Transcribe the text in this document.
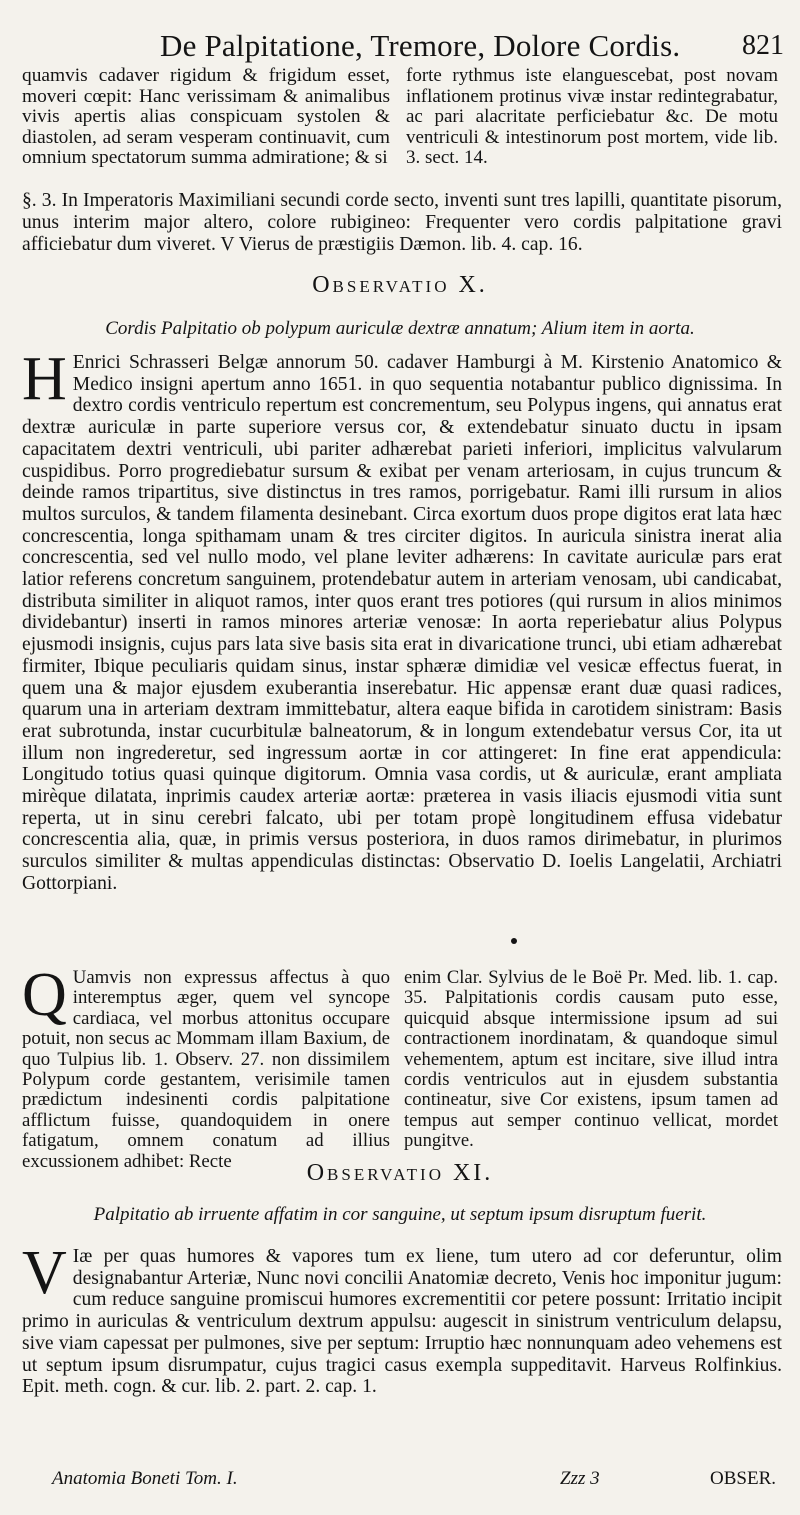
De Palpitatione, Tremore, Dolore Cordis. 821

quamvis cadaver rigidum & frigidum esset, moveri cœpit: Hanc verissimam & animalibus vivis apertis alias conspicuam systolen & diastolen, ad seram vesperam continuavit, cum omnium spectatorum summa admiratione; & si

forte rythmus iste elanguescebat, post novam inflationem protinus vivæ instar redintegrabatur, ac pari alacritate perficiebatur &c. De motu ventriculi & intestinorum post mortem, vide lib. 3. sect. 14.

§. 3. In Imperatoris Maximiliani secundi corde secto, inventi sunt tres lapilli, quantitate pisorum, unus interim major altero, colore rubigineo: Frequenter vero cordis palpitatione gravi afficiebatur dum viveret. V Vierus de præstigiis Dæmon. lib. 4. cap. 16.

Observatio X.
Cordis Palpitatio ob polypum auriculæ dextræ annatum; Alium item in aorta.
H Enrici Schrasseri Belgæ annorum 50. cadaver Hamburgi à M. Kirstenio Anatomico & Medico insigni apertum anno 1651. in quo sequentia notabantur publico dignissima. In dextro cordis ventriculo repertum est concrementum, seu Polypus ingens, qui annatus erat dextræ auriculæ in parte superiore versus cor, & extendebatur sinuato ductu in ipsam capacitatem dextri ventriculi, ubi pariter adhærebat parieti inferiori, implicitus valvularum cuspidibus. Porro progrediebatur sursum & exibat per venam arteriosam, in cujus truncum & deinde ramos tripartitus, sive distinctus in tres ramos, porrigebatur. Rami illi rursum in alios multos surculos, & tandem filamenta desinebant. Circa exortum duos prope digitos erat lata hæc concrescentia, longa spithamam unam & tres circiter digitos. In auricula sinistra inerat alia concrescentia, sed vel nullo modo, vel plane leviter adhærens: In cavitate auriculæ pars erat latior referens concretum sanguinem, protendebatur autem in arteriam venosam, ubi candicabat, distributa similiter in aliquot ramos, inter quos erant tres potiores (qui rursum in alios minimos dividebantur) inserti in ramos minores arteriæ venosæ: In aorta reperiebatur alius Polypus ejusmodi insignis, cujus pars lata sive basis sita erat in divaricatione trunci, ubi etiam adhærebat firmiter, Ibique peculiaris quidam sinus, instar sphæræ dimidiæ vel vesicæ effectus fuerat, in quem una & major ejusdem exuberantia inserebatur. Hic appensæ erant duæ quasi radices, quarum una in arteriam dextram immittebatur, altera eaque bifida in carotidem sinistram: Basis erat subrotunda, instar cucurbitulæ balneatorum, & in longum extendebatur versus Cor, ita ut illum non ingrederetur, sed ingressum aortæ in cor attingeret: In fine erat appendicula: Longitudo totius quasi quinque digitorum. Omnia vasa cordis, ut & auriculæ, erant ampliata mirèque dilatata, inprimis caudex arteriæ aortæ: præterea in vasis iliacis ejusmodi vitia sunt reperta, ut in sinu cerebri falcato, ubi per totam propè longitudinem effusa videbatur concrescentia alia, quæ, in primis versus posteriora, in duos ramos dirimebatur, in plurimos surculos similiter & multas appendiculas distinctas: Observatio D. Ioelis Langelatii, Archiatri Gottorpiani.

Q Uamvis non expressus affectus à quo interemptus æger, quem vel syncope cardiaca, vel morbus attonitus occupare potuit, non secus ac Mommam illam Baxium, de quo Tulpius lib. 1. Observ. 27. non dissimilem Polypum corde gestantem, verisimile tamen prædictum indesinenti cordis palpitatione afflictum fuisse, quandoquidem in onere fatigatum, omnem conatum ad illius excussionem adhibet: Recte

enim Clar. Sylvius de le Boë Pr. Med. lib. 1. cap. 35. Palpitationis cordis causam puto esse, quicquid absque intermissione ipsum ad sui contractionem inordinatam, & quandoque simul vehementem, aptum est incitare, sive illud intra cordis ventriculos aut in ejusdem substantia contineatur, sive Cor existens, ipsum tamen ad tempus aut semper continuo vellicat, mordet pungitve.

Observatio XI.
Palpitatio ab irruente affatim in cor sanguine, ut septum ipsum disruptum fuerit.
V Iæ per quas humores & vapores tum ex liene, tum utero ad cor deferuntur, olim designabantur Arteriæ, Nunc novi concilii Anatomiæ decreto, Venis hoc imponitur jugum: cum reduce sanguine promiscui humores excrementitii cor petere possunt: Irritatio incipit primo in auriculas & ventriculum dextrum appulsu: augescit in sinistrum ventriculum delapsu, sive viam capessat per pulmones, sive per septum: Irruptio hæc nonnunquam adeo vehemens est ut septum ipsum disrumpatur, cujus tragici casus exempla suppeditavit. Harveus Rolfinkius. Epit. meth. cogn. & cur. lib. 2. part. 2. cap. 1.

Anatomia Boneti Tom. I.	Zzz 3	OBSER.
